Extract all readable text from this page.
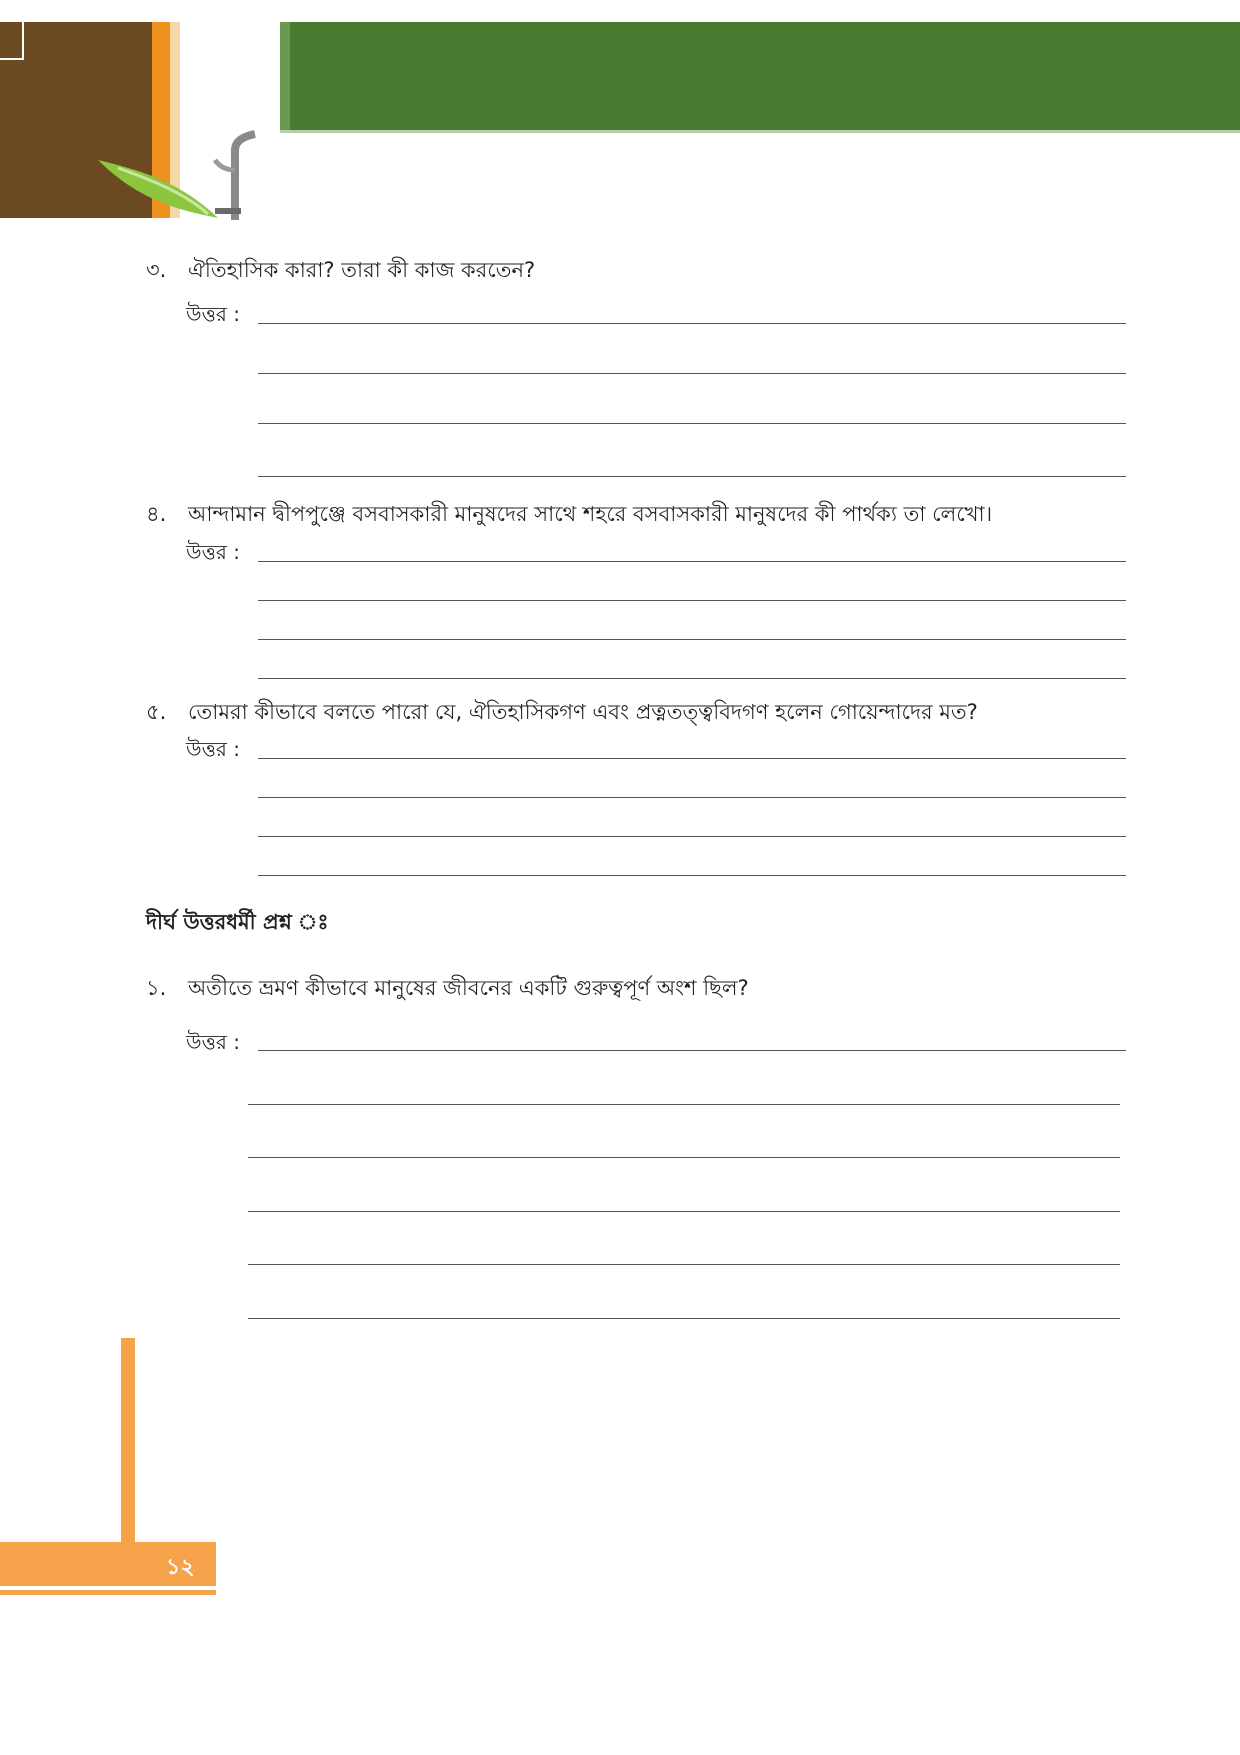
৩. ঐতিহাসিক কারা? তারা কী কাজ করতেন?
উত্তর :
৪. আন্দামান দ্বীপপুঞ্জে বসবাসকারী মানুষদের সাথে শহরে বসবাসকারী মানুষদের কী পার্থক্য তা লেখো।
উত্তর :
৫. তোমরা কীভাবে বলতে পারো যে, ঐতিহাসিকগণ এবং প্রত্নতত্ত্ববিদগণ হলেন গোয়েন্দাদের মত?
উত্তর :
দীর্ঘ উত্তরধর্মী প্রশ্ন ঃ
১. অতীতে ভ্রমণ কীভাবে মানুষের জীবনের একটি গুরুত্বপূর্ণ অংশ ছিল?
উত্তর :
১২
